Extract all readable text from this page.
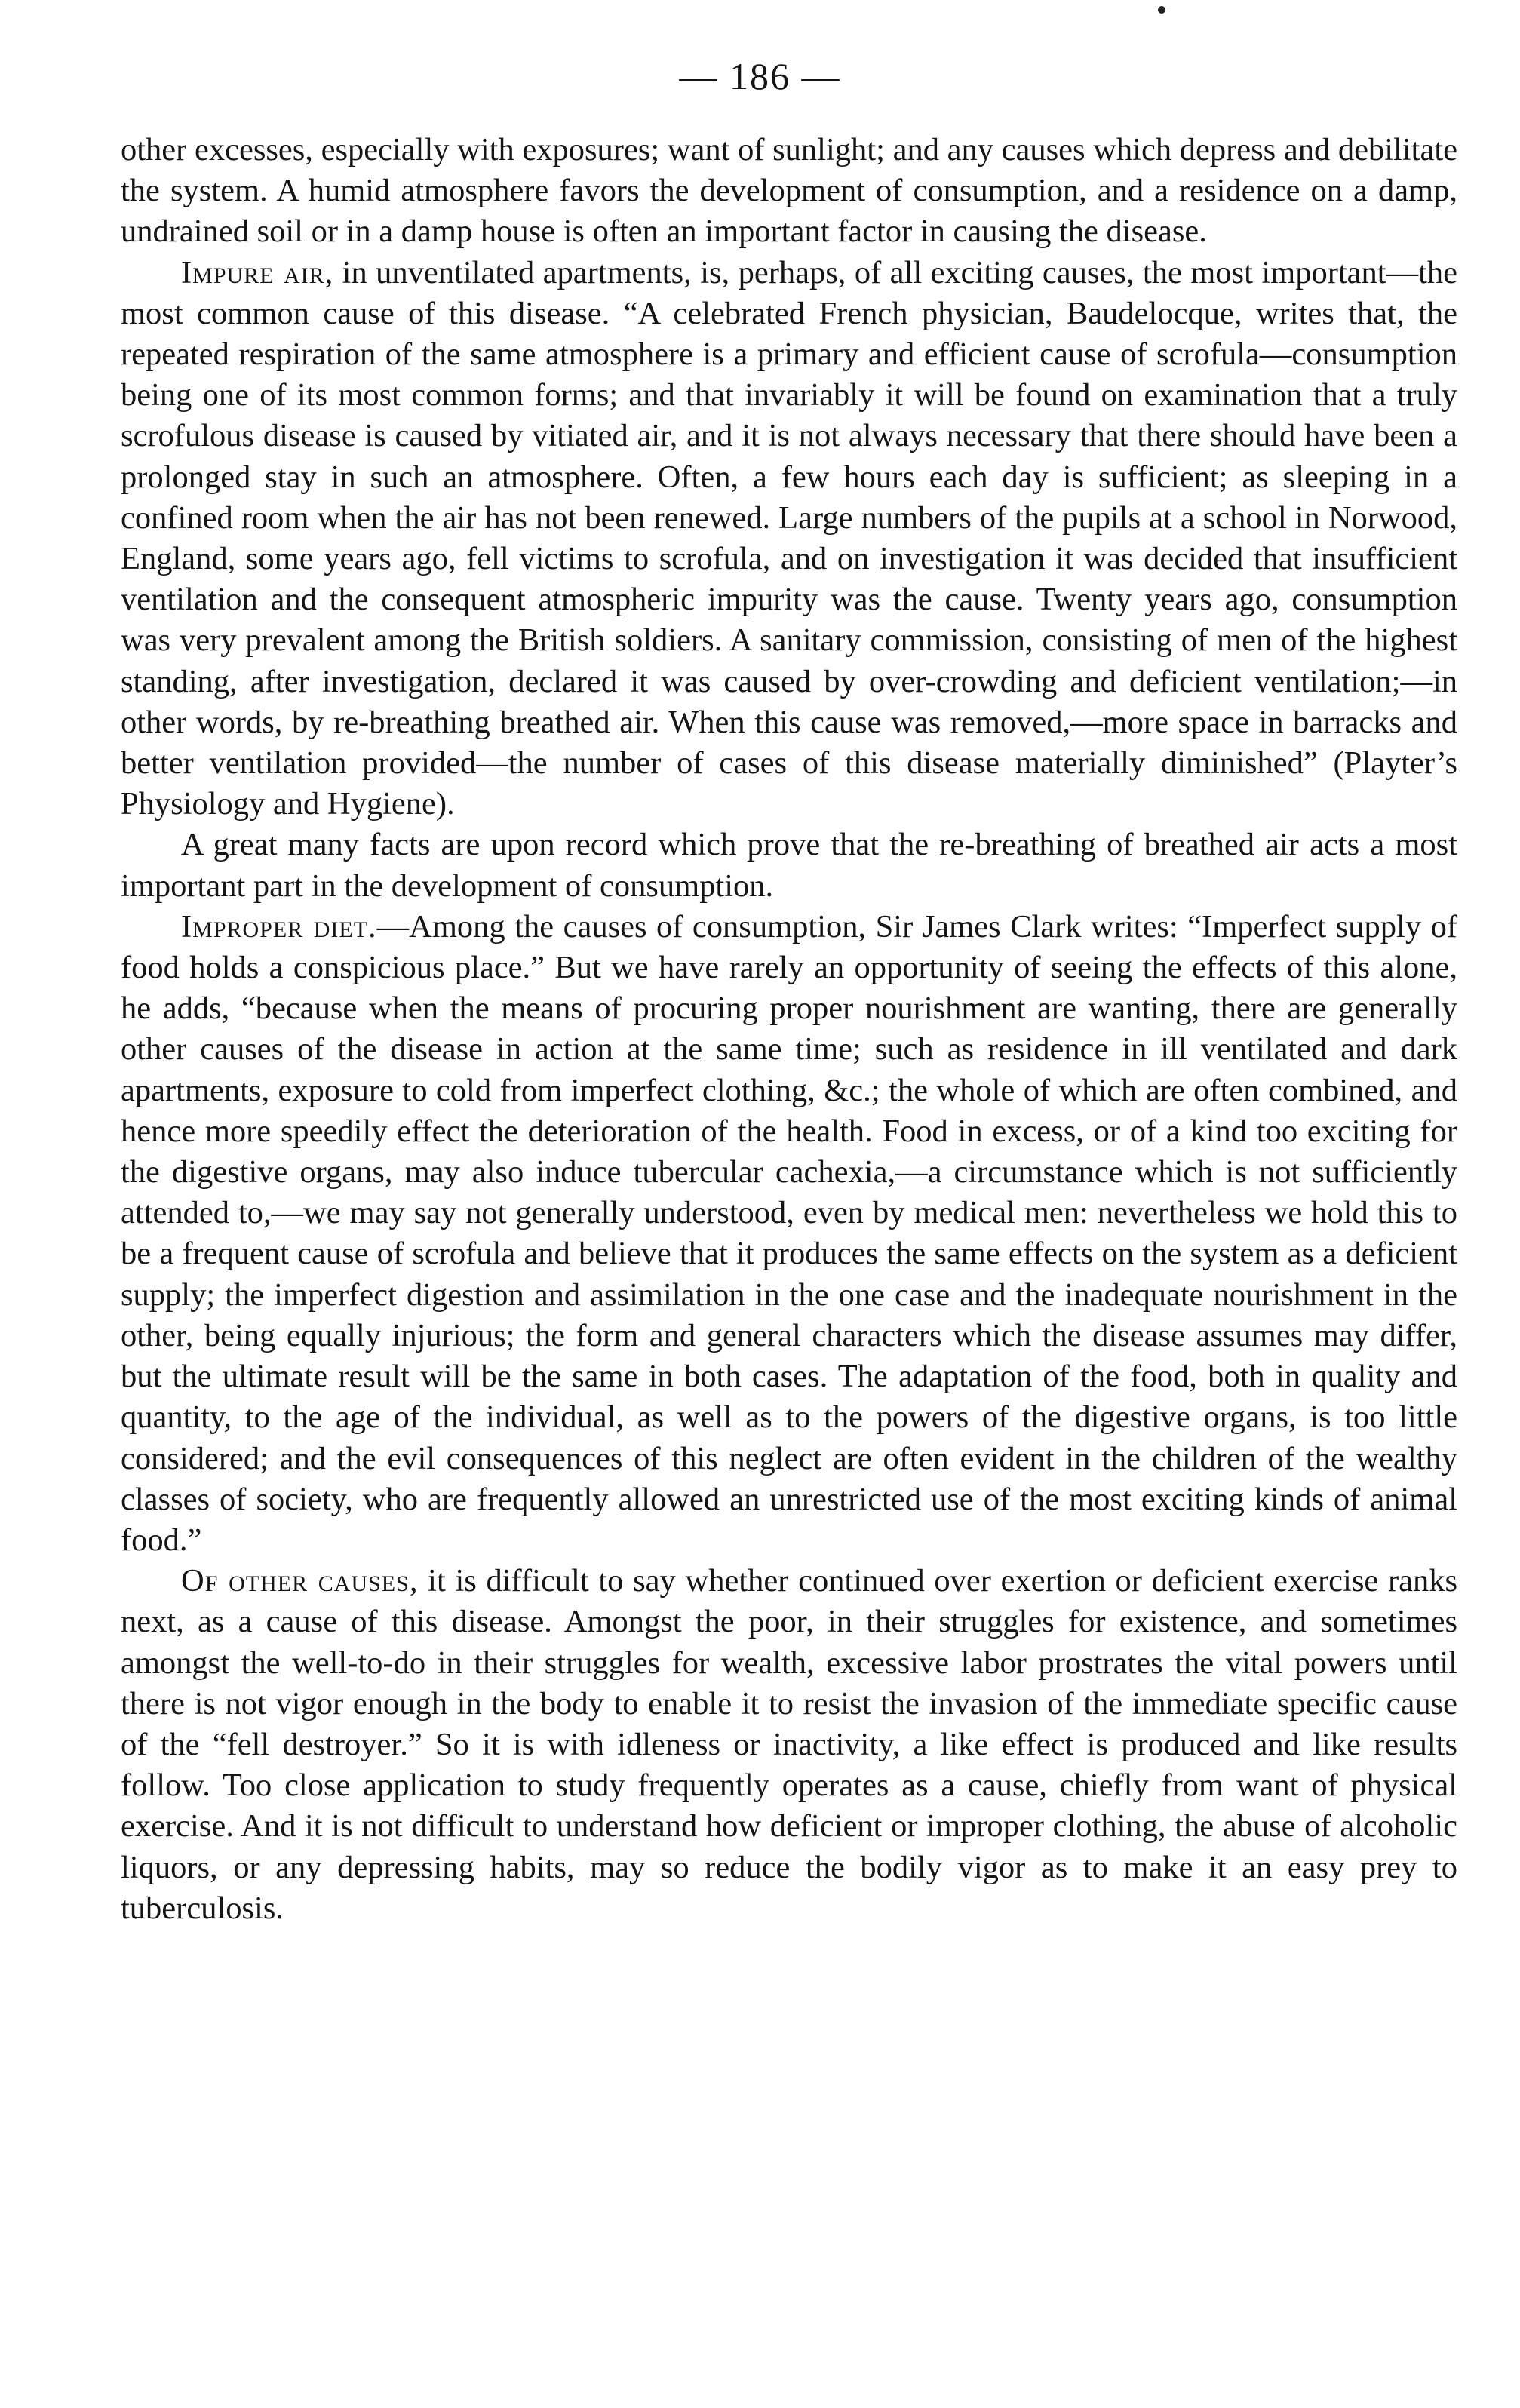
— 186 —

other excesses, especially with exposures; want of sunlight; and any causes which depress and debilitate the system. A humid atmosphere favors the development of consumption, and a residence on a damp, undrained soil or in a damp house is often an important factor in causing the disease.

Impure air, in unventilated apartments, is, perhaps, of all exciting causes, the most important—the most common cause of this disease. “A celebrated French physician, Baudelocque, writes that, the repeated respiration of the same atmosphere is a primary and efficient cause of scrofula—consumption being one of its most common forms; and that invariably it will be found on examination that a truly scrofulous disease is caused by vitiated air, and it is not always necessary that there should have been a prolonged stay in such an atmosphere. Often, a few hours each day is sufficient; as sleeping in a confined room when the air has not been renewed. Large numbers of the pupils at a school in Norwood, England, some years ago, fell victims to scrofula, and on investigation it was decided that insufficient ventilation and the consequent atmospheric impurity was the cause. Twenty years ago, consumption was very prevalent among the British soldiers. A sanitary commission, consisting of men of the highest standing, after investigation, declared it was caused by over-crowding and deficient ventilation;—in other words, by re-breathing breathed air. When this cause was removed,—more space in barracks and better ventilation provided—the number of cases of this disease materially diminished” (Playter’s Physiology and Hygiene).

A great many facts are upon record which prove that the re-breathing of breathed air acts a most important part in the development of consumption.

Improper diet.—Among the causes of consumption, Sir James Clark writes: “Imperfect supply of food holds a conspicious place.” But we have rarely an opportunity of seeing the effects of this alone, he adds, “because when the means of procuring proper nourishment are wanting, there are generally other causes of the disease in action at the same time; such as residence in ill ventilated and dark apartments, exposure to cold from imperfect clothing, &c.; the whole of which are often combined, and hence more speedily effect the deterioration of the health. Food in excess, or of a kind too exciting for the digestive organs, may also induce tubercular cachexia,—a circumstance which is not sufficiently attended to,—we may say not generally understood, even by medical men: nevertheless we hold this to be a frequent cause of scrofula and believe that it produces the same effects on the system as a deficient supply; the imperfect digestion and assimilation in the one case and the inadequate nourishment in the other, being equally injurious; the form and general characters which the disease assumes may differ, but the ultimate result will be the same in both cases. The adaptation of the food, both in quality and quantity, to the age of the individual, as well as to the powers of the digestive organs, is too little considered; and the evil consequences of this neglect are often evident in the children of the wealthy classes of society, who are frequently allowed an unrestricted use of the most exciting kinds of animal food.”

Of other causes, it is difficult to say whether continued over exertion or deficient exercise ranks next, as a cause of this disease. Amongst the poor, in their struggles for existence, and sometimes amongst the well-to-do in their struggles for wealth, excessive labor prostrates the vital powers until there is not vigor enough in the body to enable it to resist the invasion of the immediate specific cause of the “fell destroyer.” So it is with idleness or inactivity, a like effect is produced and like results follow. Too close application to study frequently operates as a cause, chiefly from want of physical exercise. And it is not difficult to understand how deficient or improper clothing, the abuse of alcoholic liquors, or any depressing habits, may so reduce the bodily vigor as to make it an easy prey to tuberculosis.
